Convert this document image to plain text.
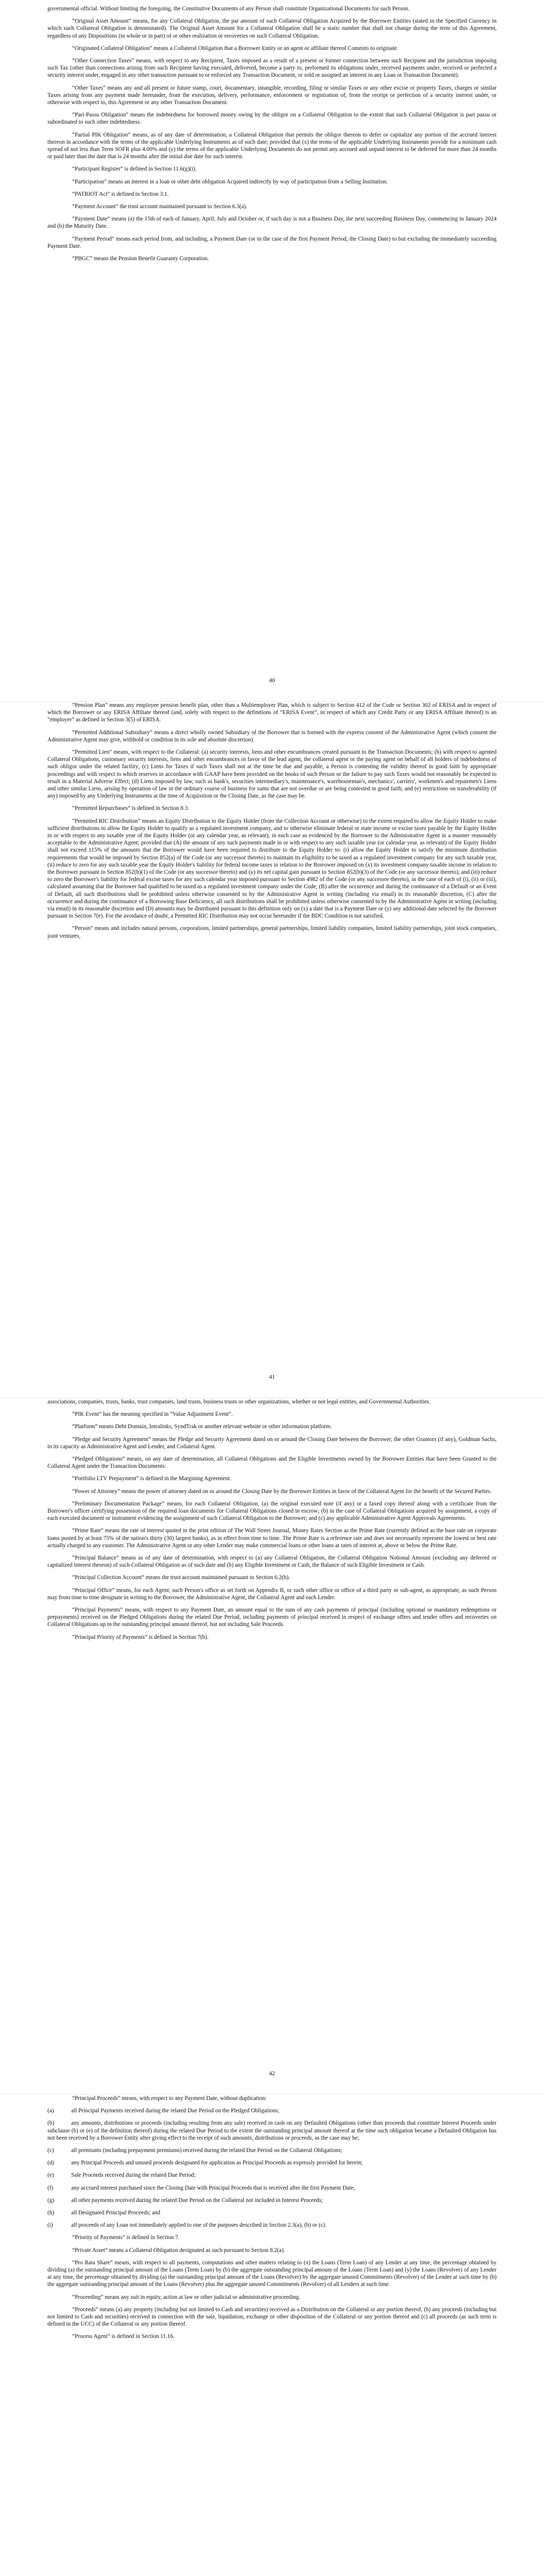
governmental official. Without limiting the foregoing, the Constitutive Documents of any Person shall constitute Organizational Documents for such Person.

“Original Asset Amount” means, for any Collateral Obligation, the par amount of such Collateral Obligation Acquired by the Borrower Entities (stated in the Specified Currency in which such Collateral Obligation is denominated). The Original Asset Amount for a Collateral Obligation shall be a static number that shall not change during the term of this Agreement, regardless of any Dispositions (in whole or in part) of or other realization or recoveries on such Collateral Obligation.

“Originated Collateral Obligation” means a Collateral Obligation that a Borrower Entity or an agent or affiliate thereof Commits to originate.

“Other Connection Taxes” means, with respect to any Recipient, Taxes imposed as a result of a present or former connection between such Recipient and the jurisdiction imposing such Tax (other than connections arising from such Recipient having executed, delivered, become a party to, performed its obligations under, received payments under, received or perfected a security interest under, engaged in any other transaction pursuant to or enforced any Transaction Document, or sold or assigned an interest in any Loan or Transaction Document).

“Other Taxes” means any and all present or future stamp, court, documentary, intangible, recording, filing or similar Taxes or any other excise or property Taxes, charges or similar Taxes arising from any payment made hereunder, from the execution, delivery, performance, enforcement or registration of, from the receipt or perfection of a security interest under, or otherwise with respect to, this Agreement or any other Transaction Document.

“Pari-Passu Obligation” means the indebtedness for borrowed money owing by the obligor on a Collateral Obligation to the extent that such Collateral Obligation is pari passu or subordinated to such other indebtedness.

“Partial PIK Obligation” means, as of any date of determination, a Collateral Obligation that permits the obligor thereon to defer or capitalize any portion of the accrued interest thereon in accordance with the terms of the applicable Underlying Instruments as of such date; provided that (x) the terms of the applicable Underlying Instruments provide for a minimum cash spread of not less than Term SOFR plus 4.00% and (y) the terms of the applicable Underlying Documents do not permit any accrued and unpaid interest to be deferred for more than 24 months or paid later than the date that is 24 months after the initial due date for such interest.

“Participant Register” is defined in Section 11.6(g)(i).

“Participation” means an interest in a loan or other debt obligation Acquired indirectly by way of participation from a Selling Institution.

“PATRIOT Act” is defined in Section 3.1.

“Payment Account” the trust account maintained pursuant to Section 6.3(a).

“Payment Date” means (a) the 15th of each of January, April, July and October or, if such day is not a Business Day, the next succeeding Business Day, commencing in January 2024 and (b) the Maturity Date.

“Payment Period” means each period from, and including, a Payment Date (or in the case of the first Payment Period, the Closing Date) to but excluding the immediately succeeding Payment Date.

“PBGC” means the Pension Benefit Guaranty Corporation.

40

“Pension Plan” means any employee pension benefit plan, other than a Multiemployer Plan, which is subject to Section 412 of the Code or Section 302 of ERISA and in respect of which the Borrower or any ERISA Affiliate thereof (and, solely with respect to the definitions of “ERISA Event”, in respect of which any Credit Party or any ERISA Affiliate thereof) is an “employer” as defined in Section 3(5) of ERISA.

“Permitted Additional Subsidiary” means a direct wholly owned Subsidiary of the Borrower that is formed with the express consent of the Administrative Agent (which consent the Administrative Agent may give, withhold or condition in its sole and absolute discretion).

“Permitted Lien” means, with respect to the Collateral: (a) security interests, liens and other encumbrances created pursuant to the Transaction Documents; (b) with respect to agented Collateral Obligations, customary security interests, liens and other encumbrances in favor of the lead agent, the collateral agent or the paying agent on behalf of all holders of indebtedness of such obligor under the related facility; (c) Liens for Taxes if such Taxes shall not at the time be due and payable, a Person is contesting the validity thereof in good faith by appropriate proceedings and with respect to which reserves in accordance with GAAP have been provided on the books of such Person or the failure to pay such Taxes would not reasonably be expected to result in a Material Adverse Effect; (d) Liens imposed by law, such as bank's, securities intermediary's, maintenance's, warehouseman's, mechanics', carriers', workmen's and repairmen's Liens and other similar Liens, arising by operation of law in the ordinary course of business for sums that are not overdue or are being contested in good faith; and (e) restrictions on transferability (if any) imposed by any Underlying Instruments at the time of Acquisition or the Closing Date, as the case may be.

“Permitted Repurchases” is defined in Section 8.3.

“Permitted RIC Distribution” means an Equity Distribution to the Equity Holder (from the Collection Account or otherwise) to the extent required to allow the Equity Holder to make sufficient distributions to allow the Equity Holder to qualify as a regulated investment company, and to otherwise eliminate federal or state income or excise taxes payable by the Equity Holder in or with respect to any taxable year of the Equity Holder (or any calendar year, as relevant), in each case as evidenced by the Borrower to the Administrative Agent in a manner reasonably acceptable to the Administrative Agent; provided that (A) the amount of any such payments made in or with respect to any such taxable year (or calendar year, as relevant) of the Equity Holder shall not exceed 115% of the amounts that the Borrower would have been required to distribute to the Equity Holder to: (i) allow the Equity Holder to satisfy the minimum distribution requirements that would be imposed by Section 852(a) of the Code (or any successor thereto) to maintain its eligibility to be taxed as a regulated investment company for any such taxable year, (ii) reduce to zero for any such taxable year the Equity Holder's liability for federal income taxes in relation to the Borrower imposed on (x) its investment company taxable income in relation to the Borrower pursuant to Section 852(b)(1) of the Code (or any successor thereto) and (y) its net capital gain pursuant to Section 852(b)(3) of the Code (or any successor thereto), and (iii) reduce to zero the Borrower's liability for federal excise taxes for any such calendar year imposed pursuant to Section 4982 of the Code (or any successor thereto), in the case of each of (i), (ii) or (iii), calculated assuming that the Borrower had qualified to be taxed as a regulated investment company under the Code, (B) after the occurrence and during the continuance of a Default or an Event of Default, all such distributions shall be prohibited unless otherwise consented to by the Administrative Agent in writing (including via email) in its reasonable discretion, (C) after the occurrence and during the continuance of a Borrowing Base Deficiency, all such distributions shall be prohibited unless otherwise consented to by the Administrative Agent in writing (including via email) in its reasonable discretion and (D) amounts may be distributed pursuant to this definition only on (x) a date that is a Payment Date or (y) any additional date selected by the Borrower pursuant to Section 7(e). For the avoidance of doubt, a Permitted RIC Distribution may not occur hereunder if the BDC Condition is not satisfied.

“Person” means and includes natural persons, corporations, limited partnerships, general partnerships, limited liability companies, limited liability partnerships, joint stock companies, joint ventures,

41

associations, companies, trusts, banks, trust companies, land trusts, business trusts or other organizations, whether or not legal entities, and Governmental Authorities.

“PIK Event” has the meaning specified in “Value Adjustment Event”.

“Platform” means Debt Domain, Intralinks, SyndTrak or another relevant website or other information platform.

“Pledge and Security Agreement” means the Pledge and Security Agreement dated on or around the Closing Date between the Borrower, the other Grantors (if any), Goldman Sachs, in its capacity as Administrative Agent and Lender, and Collateral Agent.

“Pledged Obligations” means, on any date of determination, all Collateral Obligations and the Eligible Investments owned by the Borrower Entities that have been Granted to the Collateral Agent under the Transaction Documents.

“Portfolio LTV Prepayment” is defined in the Margining Agreement.

“Power of Attorney” means the power of attorney dated on or around the Closing Date by the Borrower Entities in favor of the Collateral Agent for the benefit of the Secured Parties.

“Preliminary Documentation Package” means, for each Collateral Obligation, (a) the original executed note (if any) or a faxed copy thereof along with a certificate from the Borrower's officer certifying possession of the required loan documents for Collateral Obligations closed in escrow; (b) in the case of Collateral Obligations acquired by assignment, a copy of each executed document or instrument evidencing the assignment of such Collateral Obligation to the Borrower; and (c) any applicable Administrative Agent Approvals Agreements.

“Prime Rate” means the rate of interest quoted in the print edition of The Wall Street Journal, Money Rates Section as the Prime Rate (currently defined as the base rate on corporate loans posted by at least 75% of the nation's thirty (30) largest banks), as in effect from time to time. The Prime Rate is a reference rate and does not necessarily represent the lowest or best rate actually charged to any customer. The Administrative Agent or any other Lender may make commercial loans or other loans at rates of interest at, above or below the Prime Rate.

“Principal Balance” means as of any date of determination, with respect to (a) any Collateral Obligation, the Collateral Obligation Notional Amount (excluding any deferred or capitalized interest thereon) of such Collateral Obligation as of such date and (b) any Eligible Investment or Cash, the Balance of such Eligible Investment or Cash.

“Principal Collection Account” means the trust account maintained pursuant to Section 6.2(b).

“Principal Office” means, for each Agent, such Person's office as set forth on Appendix B, or such other office or office of a third party or sub-agent, as appropriate, as such Person may from time to time designate in writing to the Borrower, the Administrative Agent, the Collateral Agent and each Lender.

“Principal Payments” means, with respect to any Payment Date, an amount equal to the sum of any cash payments of principal (including optional or mandatory redemptions or prepayments) received on the Pledged Obligations during the related Due Period, including payments of principal received in respect of exchange offers and tender offers and recoveries on Collateral Obligations up to the outstanding principal amount thereof, but not including Sale Proceeds.

“Principal Priority of Payments” is defined in Section 7(b).

42

“Principal Proceeds” means, with respect to any Payment Date, without duplication:

(a)	all Principal Payments received during the related Due Period on the Pledged Obligations;

(b)	any amounts, distributions or proceeds (including resulting from any sale) received in cash on any Defaulted Obligations (other than proceeds that constitute Interest Proceeds under subclause (b) or (e) of the definition thereof) during the related Due Period to the extent the outstanding principal amount thereof at the time such obligation became a Defaulted Obligation has not been received by a Borrower Entity after giving effect to the receipt of such amounts, distributions or proceeds, as the case may be;

(c)	all premiums (including prepayment premiums) received during the related Due Period on the Collateral Obligations;

(d)	any Principal Proceeds and unused proceeds designated for application as Principal Proceeds as expressly provided for herein;

(e)	Sale Proceeds received during the related Due Period;

(f)	any accrued interest purchased since the Closing Date with Principal Proceeds that is received after the first Payment Date;

(g)	all other payments received during the related Due Period on the Collateral not included in Interest Proceeds;

(h)	all Designated Principal Proceeds; and

(i)	all proceeds of any Loan not immediately applied to one of the purposes described in Section 2.3(a), (b) or (c).

“Priority of Payments” is defined in Section 7.

“Private Asset” means a Collateral Obligation designated as such pursuant to Section 8.2(a).

“Pro Rata Share” means, with respect to all payments, computations and other matters relating to (x) the Loans (Term Loan) of any Lender at any time, the percentage obtained by dividing (a) the outstanding principal amount of the Loans (Term Loan) by (b) the aggregate outstanding principal amount of the Loans (Term Loan) and (y) the Loans (Revolver) of any Lender at any time, the percentage obtained by dividing (a) the outstanding principal amount of the Loans (Revolver) by the aggregate unused Commitments (Revolver) of the Lender at such time by (b) the aggregate outstanding principal amount of the Loans (Revolver) plus the aggregate unused Commitments (Revolver) of all Lenders at such time.

“Proceeding” means any suit in equity, action at law or other judicial or administrative proceeding.

“Proceeds” means (a) any property (including but not limited to Cash and securities) received as a Distribution on the Collateral or any portion thereof, (b) any proceeds (including but not limited to Cash and securities) received in connection with the sale, liquidation, exchange or other disposition of the Collateral or any portion thereof and (c) all proceeds (as such term is defined in the UCC) of the Collateral or any portion thereof.

“Process Agent” is defined in Section 11.16.
